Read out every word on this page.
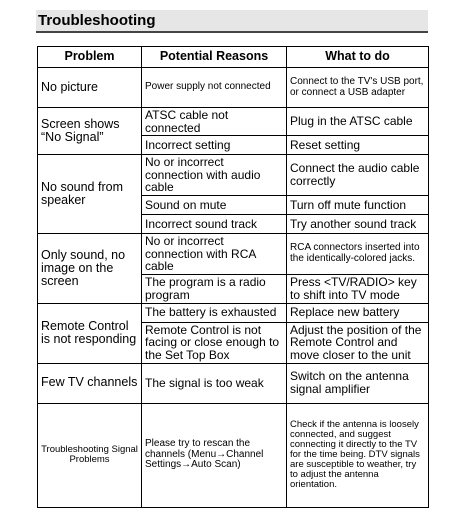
Troubleshooting
Problem	Potential Reasons	What to do
No picture	Power supply not connected	Connect to the TV's USB port, or connect a USB adapter
Screen shows “No Signal”	ATSC cable not connected	Plug in the ATSC cable
	Incorrect setting	Reset setting
No sound from speaker	No or incorrect connection with audio cable	Connect the audio cable correctly
	Sound on mute	Turn off mute function
	Incorrect sound track	Try another sound track
Only sound, no image on the screen	No or incorrect connection with RCA cable	RCA connectors inserted into the identically-colored jacks.
	The program is a radio program	Press <TV/RADIO> key to shift into TV mode
Remote Control is not responding	The battery is exhausted	Replace new battery
	Remote Control is not facing or close enough to the Set Top Box	Adjust the position of the Remote Control and move closer to the unit
Few TV channels	The signal is too weak	Switch on the antenna signal amplifier
Troubleshooting Signal Problems	Please try to rescan the channels (Menu→Channel Settings→Auto Scan)	Check if the antenna is loosely connected, and suggest connecting it directly to the TV for the time being. DTV signals are susceptible to weather, try to adjust the antenna orientation.
